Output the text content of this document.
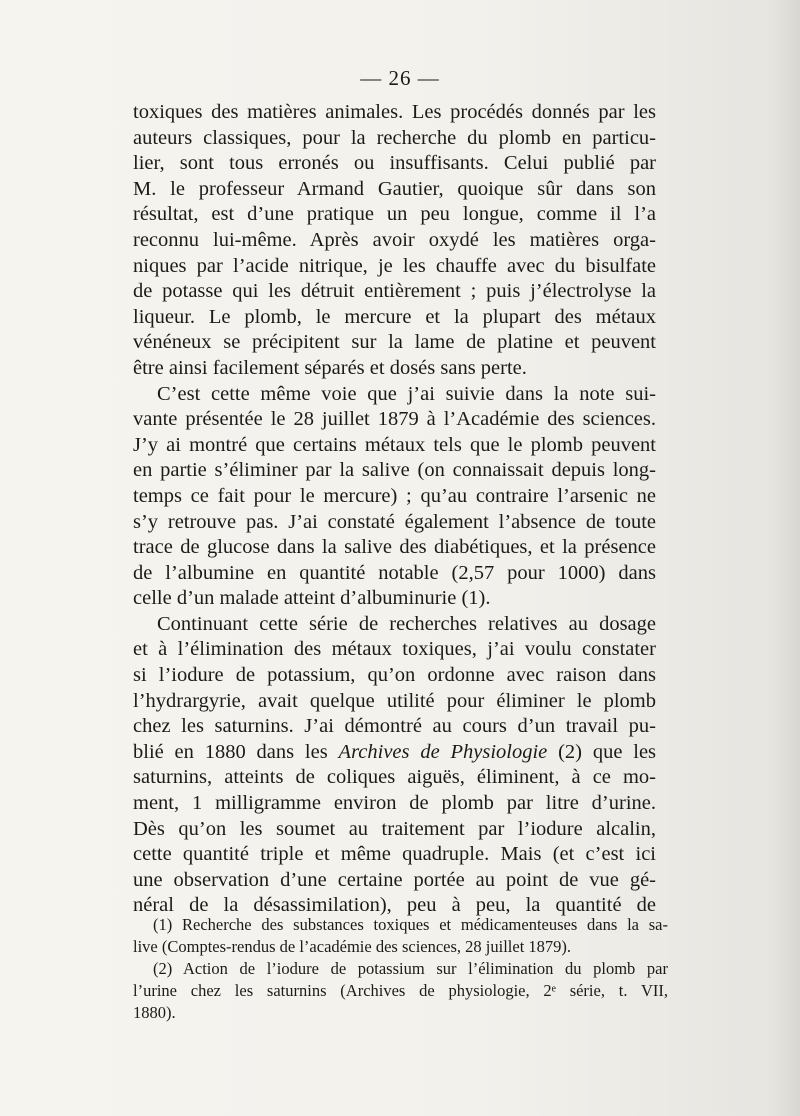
— 26 —
toxiques des matières animales. Les procédés donnés par les
auteurs classiques, pour la recherche du plomb en particu-
lier, sont tous erronés ou insuffisants. Celui publié par
M. le professeur Armand Gautier, quoique sûr dans son
résultat, est d’une pratique un peu longue, comme il l’a
reconnu lui-même. Après avoir oxydé les matières orga-
niques par l’acide nitrique, je les chauffe avec du bisulfate
de potasse qui les détruit entièrement ; puis j’électrolyse la
liqueur. Le plomb, le mercure et la plupart des métaux
vénéneux se précipitent sur la lame de platine et peuvent
être ainsi facilement séparés et dosés sans perte.
C’est cette même voie que j’ai suivie dans la note sui-
vante présentée le 28 juillet 1879 à l’Académie des sciences.
J’y ai montré que certains métaux tels que le plomb peuvent
en partie s’éliminer par la salive (on connaissait depuis long-
temps ce fait pour le mercure) ; qu’au contraire l’arsenic ne
s’y retrouve pas. J’ai constaté également l’absence de toute
trace de glucose dans la salive des diabétiques, et la présence
de l’albumine en quantité notable (2,57 pour 1000) dans
celle d’un malade atteint d’albuminurie (1).
Continuant cette série de recherches relatives au dosage
et à l’élimination des métaux toxiques, j’ai voulu constater
si l’iodure de potassium, qu’on ordonne avec raison dans
l’hydrargyrie, avait quelque utilité pour éliminer le plomb
chez les saturnins. J’ai démontré au cours d’un travail pu-
blié en 1880 dans les Archives de Physiologie (2) que les
saturnins, atteints de coliques aiguës, éliminent, à ce mo-
ment, 1 milligramme environ de plomb par litre d’urine.
Dès qu’on les soumet au traitement par l’iodure alcalin,
cette quantité triple et même quadruple. Mais (et c’est ici
une observation d’une certaine portée au point de vue gé-
néral de la désassimilation), peu à peu, la quantité de
(1) Recherche des substances toxiques et médicamenteuses dans la sa-
live (Comptes-rendus de l’académie des sciences, 28 juillet 1879).
(2) Action de l’iodure de potassium sur l’élimination du plomb par
l’urine chez les saturnins (Archives de physiologie, 2ᵉ série, t. VII,
1880).
